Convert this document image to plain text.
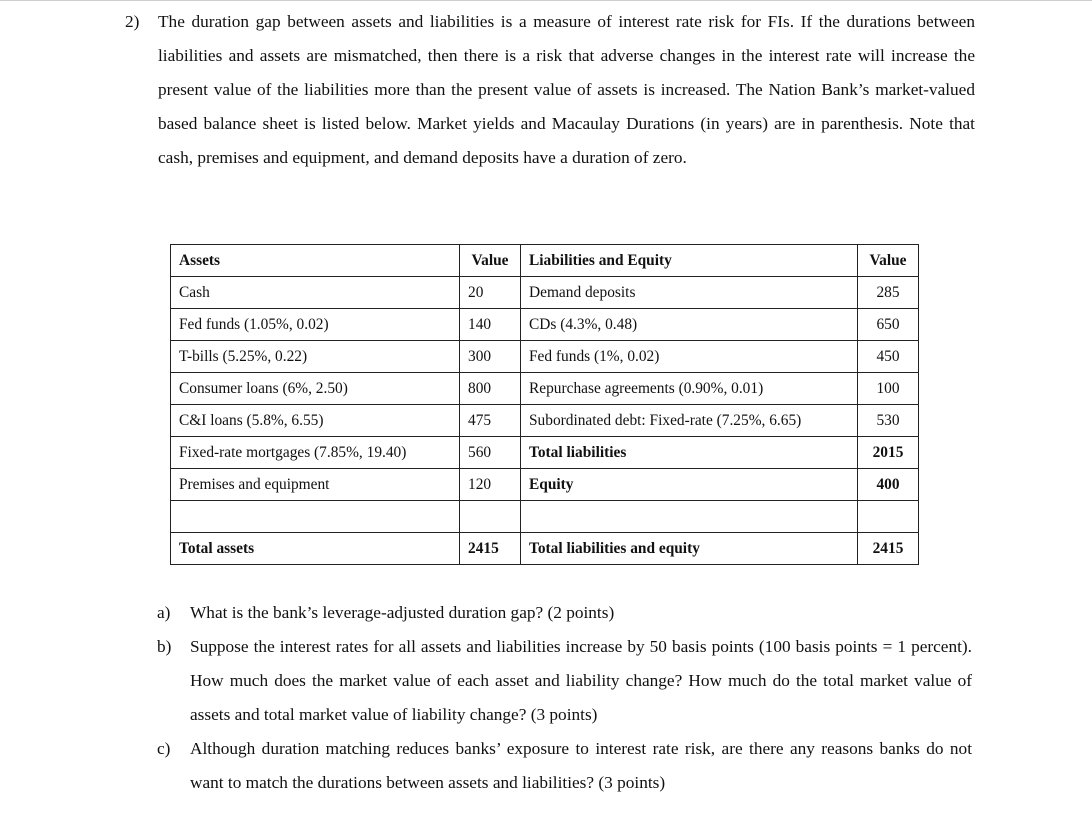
2) The duration gap between assets and liabilities is a measure of interest rate risk for FIs. If the durations between liabilities and assets are mismatched, then there is a risk that adverse changes in the interest rate will increase the present value of the liabilities more than the present value of assets is increased. The Nation Bank’s market-valued based balance sheet is listed below. Market yields and Macaulay Durations (in years) are in parenthesis. Note that cash, premises and equipment, and demand deposits have a duration of zero.
Assets	Value	Liabilities and Equity	Value
Cash	20	Demand deposits	285
Fed funds (1.05%, 0.02)	140	CDs (4.3%, 0.48)	650
T-bills (5.25%, 0.22)	300	Fed funds (1%, 0.02)	450
Consumer loans (6%, 2.50)	800	Repurchase agreements (0.90%, 0.01)	100
C&I loans (5.8%, 6.55)	475	Subordinated debt: Fixed-rate (7.25%, 6.65)	530
Fixed-rate mortgages (7.85%, 19.40)	560	Total liabilities	2015
Premises and equipment	120	Equity	400

Total assets	2415	Total liabilities and equity	2415
a) What is the bank’s leverage-adjusted duration gap? (2 points)
b) Suppose the interest rates for all assets and liabilities increase by 50 basis points (100 basis points = 1 percent). How much does the market value of each asset and liability change? How much do the total market value of assets and total market value of liability change? (3 points)
c) Although duration matching reduces banks’ exposure to interest rate risk, are there any reasons banks do not want to match the durations between assets and liabilities? (3 points)
